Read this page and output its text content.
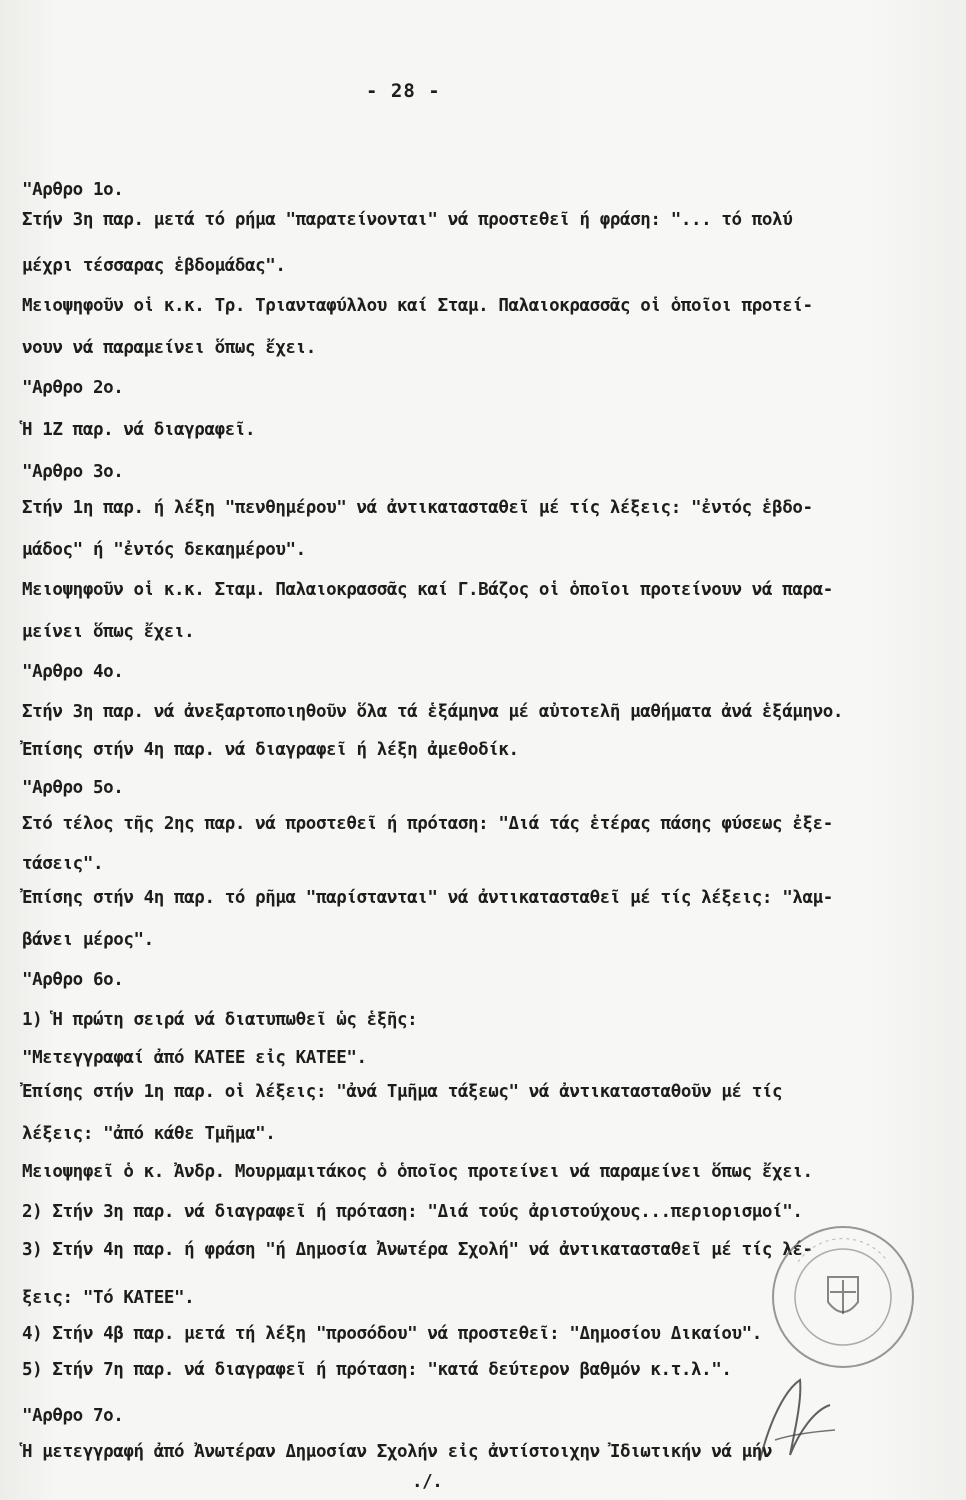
- 28 -
"Αρθρο 1ο.
Στήν 3η παρ. μετά τό ρήμα "παρατείνονται" νά προστεθεῖ ή φράση: "... τό πολύ
μέχρι τέσσαρας ἑβδομάδας".
Μειοψηφοῦν οἱ κ.κ. Τρ. Τριανταφύλλου καί Σταμ. Παλαιοκρασσᾶς οἱ ὁποῖοι προτεί-
νουν νά παραμείνει ὅπως ἔχει.
"Αρθρο 2ο.
Ἡ 1Ζ παρ. νά διαγραφεῖ.
"Αρθρο 3ο.
Στήν 1η παρ. ή λέξη "πενθημέρου" νά ἀντικατασταθεῖ μέ τίς λέξεις: "ἐντός ἑβδο-
μάδος" ή "ἐντός δεκαημέρου".
Μειοψηφοῦν οἱ κ.κ. Σταμ. Παλαιοκρασσᾶς καί Γ.Βάζος οἱ ὁποῖοι προτείνουν νά παρα-
μείνει ὅπως ἔχει.
"Αρθρο 4ο.
Στήν 3η παρ. νά ἀνεξαρτοποιηθοῦν ὅλα τά ἑξάμηνα μέ αὐτοτελῆ μαθήματα ἀνά ἑξάμηνο.
Ἐπίσης στήν 4η παρ. νά διαγραφεῖ ή λέξη ἀμεθοδίκ.
"Αρθρο 5ο.
Στό τέλος τῆς 2ης παρ. νά προστεθεῖ ή πρόταση: "Διά τάς ἑτέρας πάσης φύσεως ἐξε-
τάσεις".
Ἐπίσης στήν 4η παρ. τό ρῆμα "παρίστανται" νά ἀντικατασταθεῖ μέ τίς λέξεις: "λαμ-
βάνει μέρος".
"Αρθρο 6ο.
1) Ἡ πρώτη σειρά νά διατυπωθεῖ ὡς ἑξῆς:
"Μετεγγραφαί ἀπό ΚΑΤΕΕ εἰς ΚΑΤΕΕ".
Ἐπίσης στήν 1η παρ. οἱ λέξεις: "ἀνά Τμῆμα τάξεως" νά ἀντικατασταθοῦν μέ τίς
λέξεις: "ἀπό κάθε Τμῆμα".
Μειοψηφεῖ ὁ κ. Ἀνδρ. Μουρμαμιτάκος ὁ ὁποῖος προτείνει νά παραμείνει ὅπως ἔχει.
2) Στήν 3η παρ. νά διαγραφεῖ ή πρόταση: "Διά τούς ἀριστούχους...περιορισμοί".
3) Στήν 4η παρ. ή φράση "ή Δημοσία Ἀνωτέρα Σχολή" νά ἀντικατασταθεῖ μέ τίς λέ-
ξεις: "Τό ΚΑΤΕΕ".
4) Στήν 4β παρ. μετά τή λέξη "προσόδου" νά προστεθεῖ: "Δημοσίου Δικαίου".
5) Στήν 7η παρ. νά διαγραφεῖ ή πρόταση: "κατά δεύτερον βαθμόν κ.τ.λ.".
"Αρθρο 7ο.
Ἡ μετεγγραφή ἀπό Ἀνωτέραν Δημοσίαν Σχολήν εἰς ἀντίστοιχην Ἰδιωτικήν νά μήν
./.
